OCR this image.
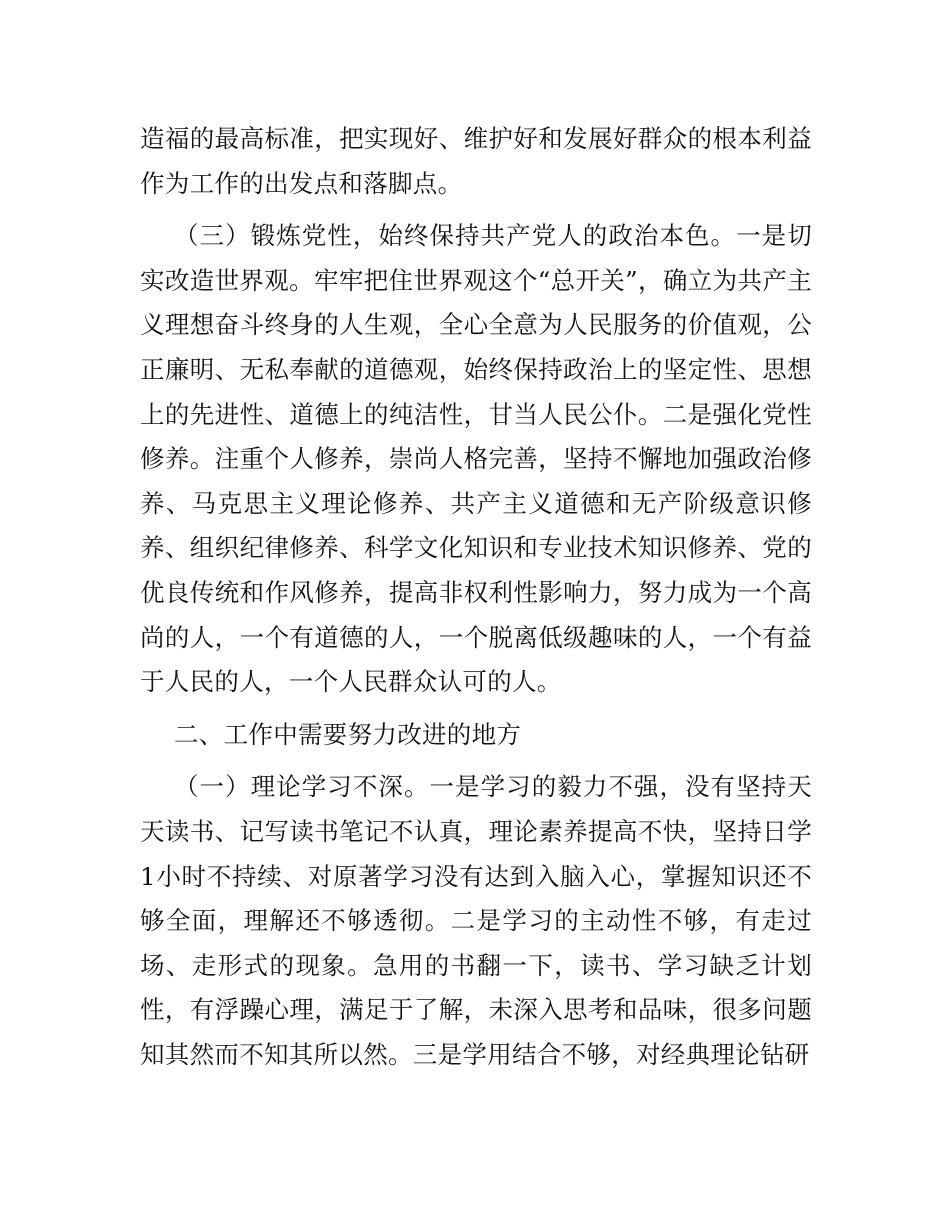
造福的最高标准，把实现好、维护好和发展好群众的根本利益作为工作的出发点和落脚点。

（三）锻炼党性，始终保持共产党人的政治本色。一是切实改造世界观。牢牢把住世界观这个“总开关”，确立为共产主义理想奋斗终身的人生观，全心全意为人民服务的价值观，公正廉明、无私奉献的道德观，始终保持政治上的坚定性、思想上的先进性、道德上的纯洁性，甘当人民公仆。二是强化党性修养。注重个人修养，崇尚人格完善，坚持不懈地加强政治修养、马克思主义理论修养、共产主义道德和无产阶级意识修养、组织纪律修养、科学文化知识和专业技术知识修养、党的优良传统和作风修养，提高非权利性影响力，努力成为一个高尚的人，一个有道德的人，一个脱离低级趣味的人，一个有益于人民的人，一个人民群众认可的人。

二、工作中需要努力改进的地方

（一）理论学习不深。一是学习的毅力不强，没有坚持天天读书、记写读书笔记不认真，理论素养提高不快，坚持日学1小时不持续、对原著学习没有达到入脑入心，掌握知识还不够全面，理解还不够透彻。二是学习的主动性不够，有走过场、走形式的现象。急用的书翻一下，读书、学习缺乏计划性，有浮躁心理，满足于了解，未深入思考和品味，很多问题知其然而不知其所以然。三是学用结合不够，对经典理论钻研
